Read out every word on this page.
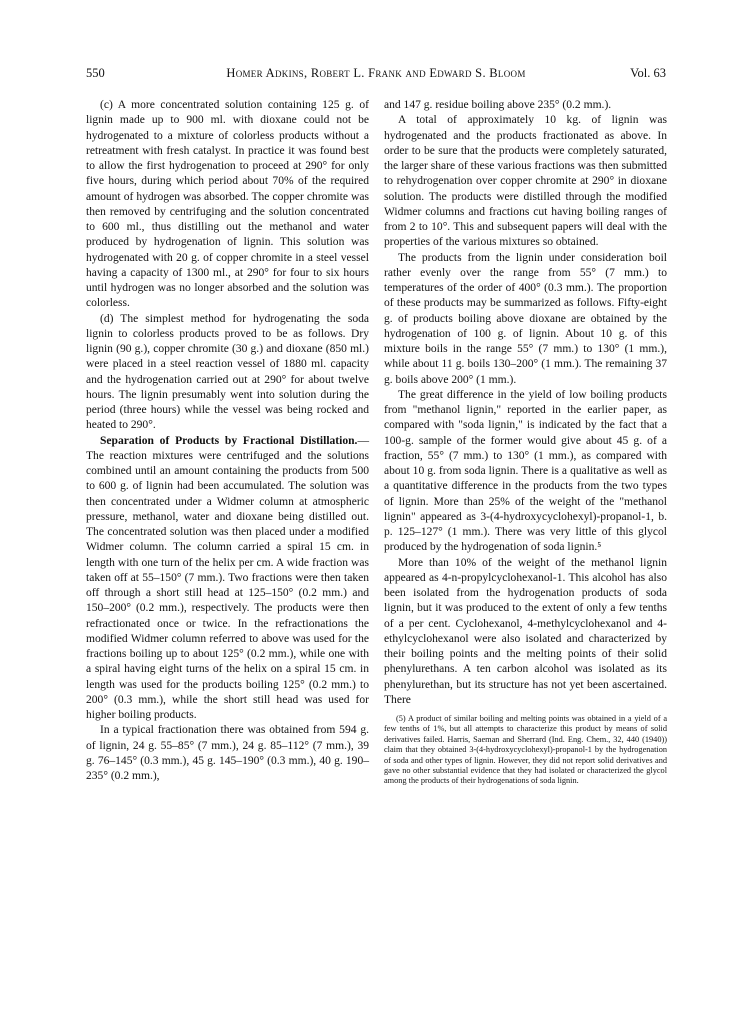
550	Homer Adkins, Robert L. Frank and Edward S. Bloom	Vol. 63

(c) A more concentrated solution containing 125 g. of lignin made up to 900 ml. with dioxane could not be hydrogenated to a mixture of colorless products without a retreatment with fresh catalyst. In practice it was found best to allow the first hydrogenation to proceed at 290° for only five hours, during which period about 70% of the required amount of hydrogen was absorbed. The copper chromite was then removed by centrifuging and the solution concentrated to 600 ml., thus distilling out the methanol and water produced by hydrogenation of lignin. This solution was hydrogenated with 20 g. of copper chromite in a steel vessel having a capacity of 1300 ml., at 290° for four to six hours until hydrogen was no longer absorbed and the solution was colorless.

(d) The simplest method for hydrogenating the soda lignin to colorless products proved to be as follows. Dry lignin (90 g.), copper chromite (30 g.) and dioxane (850 ml.) were placed in a steel reaction vessel of 1880 ml. capacity and the hydrogenation carried out at 290° for about twelve hours. The lignin presumably went into solution during the period (three hours) while the vessel was being rocked and heated to 290°.

Separation of Products by Fractional Distillation.—The reaction mixtures were centrifuged and the solutions combined until an amount containing the products from 500 to 600 g. of lignin had been accumulated. The solution was then concentrated under a Widmer column at atmospheric pressure, methanol, water and dioxane being distilled out. The concentrated solution was then placed under a modified Widmer column. The column carried a spiral 15 cm. in length with one turn of the helix per cm. A wide fraction was taken off at 55–150° (7 mm.). Two fractions were then taken off through a short still head at 125–150° (0.2 mm.) and 150–200° (0.2 mm.), respectively. The products were then refractionated once or twice. In the refractionations the modified Widmer column referred to above was used for the fractions boiling up to about 125° (0.2 mm.), while one with a spiral having eight turns of the helix on a spiral 15 cm. in length was used for the products boiling 125° (0.2 mm.) to 200° (0.3 mm.), while the short still head was used for higher boiling products.

In a typical fractionation there was obtained from 594 g. of lignin, 24 g. 55–85° (7 mm.), 24 g. 85–112° (7 mm.), 39 g. 76–145° (0.3 mm.), 45 g. 145–190° (0.3 mm.), 40 g. 190–235° (0.2 mm.),

and 147 g. residue boiling above 235° (0.2 mm.).

A total of approximately 10 kg. of lignin was hydrogenated and the products fractionated as above. In order to be sure that the products were completely saturated, the larger share of these various fractions was then submitted to rehydrogenation over copper chromite at 290° in dioxane solution. The products were distilled through the modified Widmer columns and fractions cut having boiling ranges of from 2 to 10°. This and subsequent papers will deal with the properties of the various mixtures so obtained.

The products from the lignin under consideration boil rather evenly over the range from 55° (7 mm.) to temperatures of the order of 400° (0.3 mm.). The proportion of these products may be summarized as follows. Fifty-eight g. of products boiling above dioxane are obtained by the hydrogenation of 100 g. of lignin. About 10 g. of this mixture boils in the range 55° (7 mm.) to 130° (1 mm.), while about 11 g. boils 130–200° (1 mm.). The remaining 37 g. boils above 200° (1 mm.).

The great difference in the yield of low boiling products from "methanol lignin," reported in the earlier paper, as compared with "soda lignin," is indicated by the fact that a 100-g. sample of the former would give about 45 g. of a fraction, 55° (7 mm.) to 130° (1 mm.), as compared with about 10 g. from soda lignin. There is a qualitative as well as a quantitative difference in the products from the two types of lignin. More than 25% of the weight of the "methanol lignin" appeared as 3-(4-hydroxycyclohexyl)-propanol-1, b. p. 125–127° (1 mm.). There was very little of this glycol produced by the hydrogenation of soda lignin.⁵

More than 10% of the weight of the methanol lignin appeared as 4-n-propylcyclohexanol-1. This alcohol has also been isolated from the hydrogenation products of soda lignin, but it was produced to the extent of only a few tenths of a per cent. Cyclohexanol, 4-methylcyclohexanol and 4-ethylcyclohexanol were also isolated and characterized by their boiling points and the melting points of their solid phenylurethans. A ten carbon alcohol was isolated as its phenylurethan, but its structure has not yet been ascertained. There

(5) A product of similar boiling and melting points was obtained in a yield of a few tenths of 1%, but all attempts to characterize this product by means of solid derivatives failed. Harris, Saeman and Sherrard (Ind. Eng. Chem., 32, 440 (1940)) claim that they obtained 3-(4-hydroxycyclohexyl)-propanol-1 by the hydrogenation of soda and other types of lignin. However, they did not report solid derivatives and gave no other substantial evidence that they had isolated or characterized the glycol among the products of their hydrogenations of soda lignin.
